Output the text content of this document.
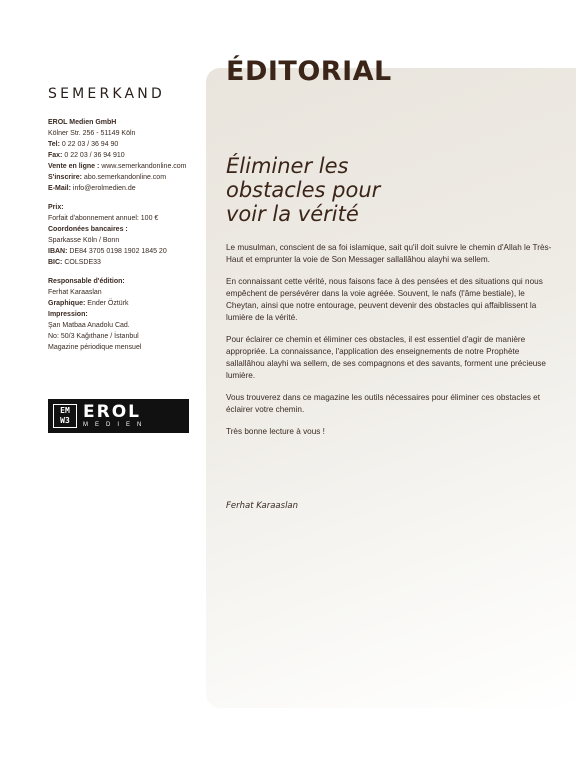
ÉDITORIAL
SEMERKAND
EROL Medien GmbH
Kölner Str. 256 - 51149 Köln
Tel: 0 22 03 / 36 94 90
Fax: 0 22 03 / 36 94 910
Vente en ligne : www.semerkandonline.com
S'inscrire: abo.semerkandonline.com
E-Mail: info@erolmedien.de
Prix:
Forfait d'abonnement annuel: 100 €
Coordonées bancaires :
Sparkasse Köln / Bonn
IBAN: DE84 3705 0198 1902 1845 20
BIC: COLSDE33
Responsable d'édition:
Ferhat Karaaslan
Graphique: Ender Öztürk
Impression:
Şan Matbaa Anadolu Cad.
No: 50/3 Kağıthane / İstanbul
Magazine périodique mensuel
EM
W3 EROL
MEDIEN
Éliminer les
obstacles pour
voir la vérité

Le musulman, conscient de sa foi islamique, sait qu'il doit suivre le chemin d'Allah le Très-Haut et emprunter la voie de Son Messager sallallâhou alayhi wa sellem.

En connaissant cette vérité, nous faisons face à des pensées et des situations qui nous empêchent de persévérer dans la voie agréée. Souvent, le nafs (l'âme bestiale), le Cheytan, ainsi que notre entourage, peuvent devenir des obstacles qui affaiblissent la lumière de la vérité.

Pour éclairer ce chemin et éliminer ces obstacles, il est essentiel d'agir de manière appropriée. La connaissance, l'application des enseignements de notre Prophète sallallâhou alayhi wa sellem, de ses compagnons et des savants, forment une précieuse lumière.

Vous trouverez dans ce magazine les outils nécessaires pour éliminer ces obstacles et éclairer votre chemin.

Très bonne lecture à vous !

Ferhat Karaaslan
